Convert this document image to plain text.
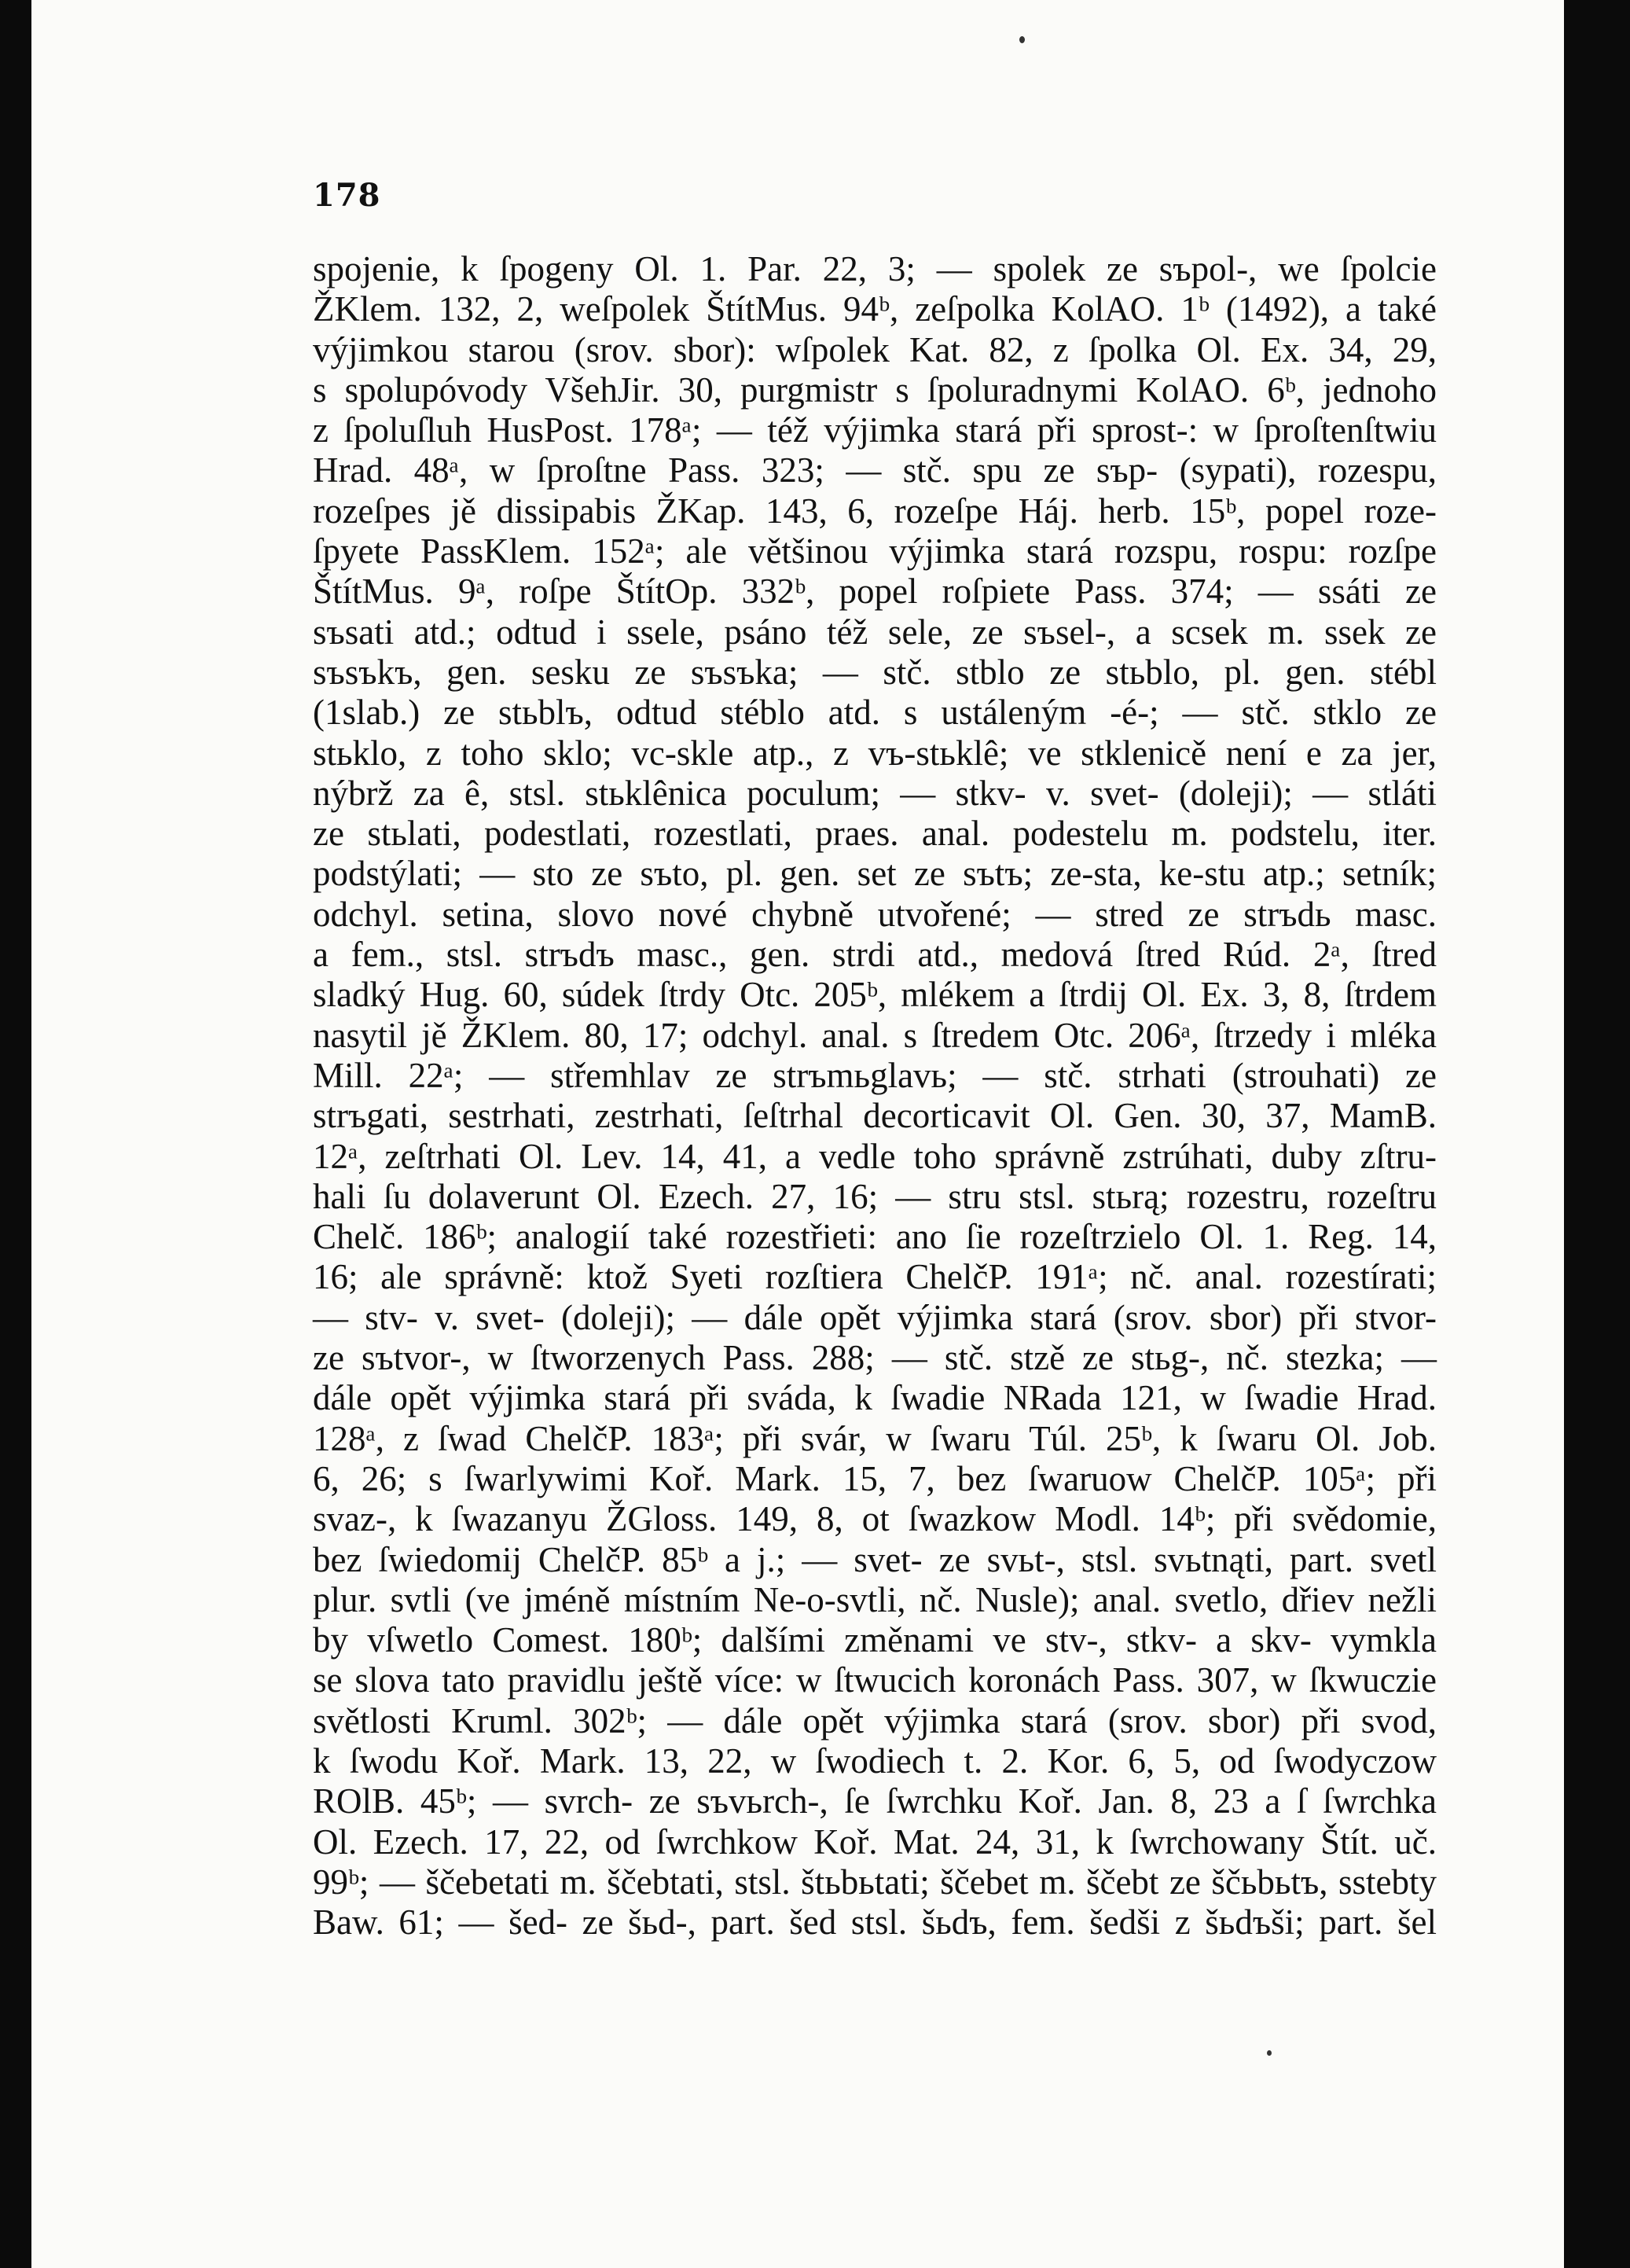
178
spojenie, k ſpogeny Ol. 1. Par. 22, 3; — spolek ze sъpol-, we ſpolcie
ŽKlem. 132, 2, weſpolek ŠtítMus. 94ᵇ, zeſpolka KolAO. 1ᵇ (1492), a také
výjimkou starou (srov. sbor): wſpolek Kat. 82, z ſpolka Ol. Ex. 34, 29,
s spolupóvody VšehJir. 30, purgmistr s ſpoluradnymi KolAO. 6ᵇ, jednoho
z ſpoluſluh HusPost. 178ᵃ; — též výjimka stará při sprost-: w ſproſtenſtwiu
Hrad. 48ᵃ, w ſproſtne Pass. 323; — stč. spu ze sъp- (sypati), rozespu,
rozeſpes jě dissipabis ŽKap. 143, 6, rozeſpe Háj. herb. 15ᵇ, popel roze-
ſpyete PassKlem. 152ᵃ; ale většinou výjimka stará rozspu, rospu: rozſpe
ŠtítMus. 9ᵃ, roſpe ŠtítOp. 332ᵇ, popel roſpiete Pass. 374; — ssáti ze
sъsati atd.; odtud i ssele, psáno též sele, ze sъsel-, a scsek m. ssek ze
sъsъkъ, gen. sesku ze sъsъka; — stč. stblo ze stьblo, pl. gen. stébl
(1slab.) ze stьblъ, odtud stéblo atd. s ustáleným -é-; — stč. stklo ze
stьklo, z toho sklo; vc-skle atp., z vъ-stьklê; ve stklenicě není e za jer,
nýbrž za ê, stsl. stьklênica poculum; — stkv- v. svet- (doleji); — stláti
ze stьlati, podestlati, rozestlati, praes. anal. podestelu m. podstelu, iter.
podstýlati; — sto ze sъto, pl. gen. set ze sъtъ; ze-sta, ke-stu atp.; setník;
odchyl. setina, slovo nové chybně utvořené; — stred ze strъdь masc.
a fem., stsl. strъdъ masc., gen. strdi atd., medová ſtred Rúd. 2ᵃ, ſtred
sladký Hug. 60, súdek ſtrdy Otc. 205ᵇ, mlékem a ſtrdij Ol. Ex. 3, 8, ſtrdem
nasytil jě ŽKlem. 80, 17; odchyl. anal. s ſtredem Otc. 206ᵃ, ſtrzedy i mléka
Mill. 22ᵃ; — střemhlav ze strъmьglavь; — stč. strhati (strouhati) ze
strъgati, sestrhati, zestrhati, ſeſtrhal decorticavit Ol. Gen. 30, 37, MamB.
12ᵃ, zeſtrhati Ol. Lev. 14, 41, a vedle toho správně zstrúhati, duby zſtru-
hali ſu dolaverunt Ol. Ezech. 27, 16; — stru stsl. stьrą; rozestru, rozeſtru
Chelč. 186ᵇ; analogií také rozestřieti: ano ſie rozeſtrzielo Ol. 1. Reg. 14,
16; ale správně: ktož Syeti rozſtiera ChelčP. 191ᵃ; nč. anal. rozestírati;
— stv- v. svet- (doleji); — dále opět výjimka stará (srov. sbor) při stvor-
ze sъtvor-, w ſtworzenych Pass. 288; — stč. stzě ze stьg-, nč. stezka; —
dále opět výjimka stará při sváda, k ſwadie NRada 121, w ſwadie Hrad.
128ᵃ, z ſwad ChelčP. 183ᵃ; při svár, w ſwaru Túl. 25ᵇ, k ſwaru Ol. Job.
6, 26; s ſwarlywimi Koř. Mark. 15, 7, bez ſwaruow ChelčP. 105ᵃ; při
svaz-, k ſwazanyu ŽGloss. 149, 8, ot ſwazkow Modl. 14ᵇ; při svědomie,
bez ſwiedomij ChelčP. 85ᵇ a j.; — svet- ze svьt-, stsl. svьtnąti, part. svetl
plur. svtli (ve jméně místním Ne-o-svtli, nč. Nusle); anal. svetlo, dřiev nežli
by vſwetlo Comest. 180ᵇ; dalšími změnami ve stv-, stkv- a skv- vymkla
se slova tato pravidlu ještě více: w ſtwucich koronách Pass. 307, w ſkwuczie
světlosti Kruml. 302ᵇ; — dále opět výjimka stará (srov. sbor) při svod,
k ſwodu Koř. Mark. 13, 22, w ſwodiech t. 2. Kor. 6, 5, od ſwodyczow
ROlB. 45ᵇ; — svrch- ze sъvьrch-, ſe ſwrchku Koř. Jan. 8, 23 a ſ ſwrchka
Ol. Ezech. 17, 22, od ſwrchkow Koř. Mat. 24, 31, k ſwrchowany Štít. uč.
99ᵇ; — ščebetati m. ščebtati, stsl. štьbьtati; ščebet m. ščebt ze ščьbьtъ, sstebty
Baw. 61; — šed- ze šьd-, part. šed stsl. šьdъ, fem. šedši z šьdъši; part. šel
